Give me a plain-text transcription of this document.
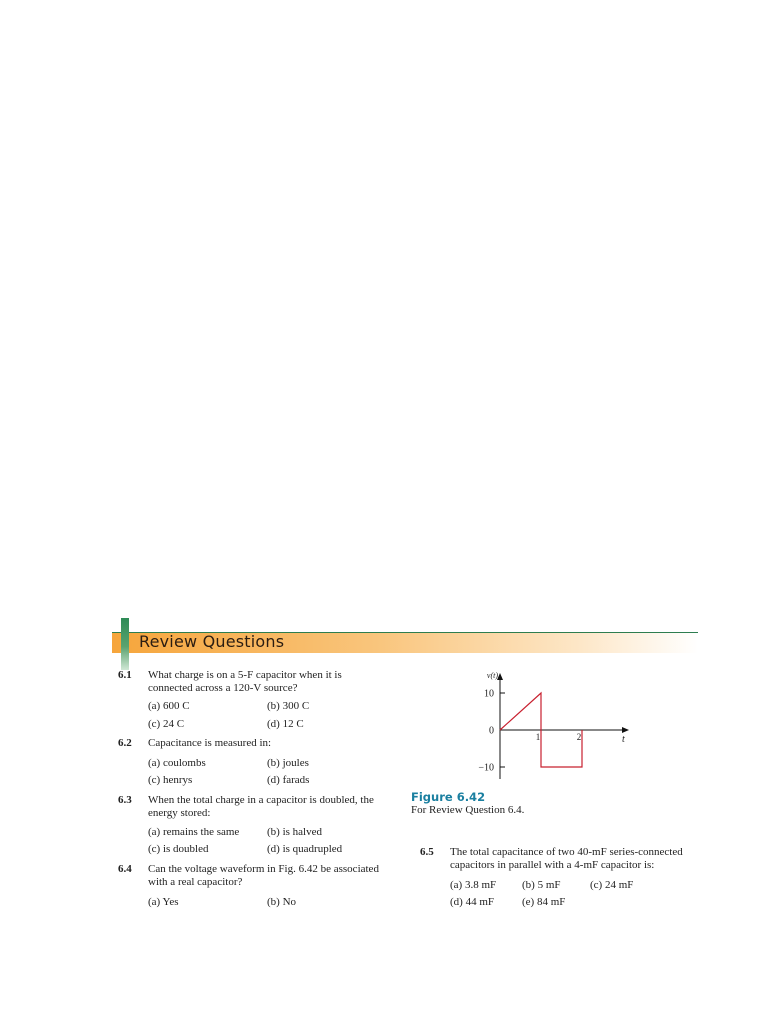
Review Questions
6.1 What charge is on a 5-F capacitor when it is
connected across a 120-V source?
(a) 600 C	(b) 300 C
(c) 24 C	(d) 12 C
6.2 Capacitance is measured in:
(a) coulombs	(b) joules
(c) henrys	(d) farads
6.3 When the total charge in a capacitor is doubled, the
energy stored:
(a) remains the same	(b) is halved
(c) is doubled	(d) is quadrupled
6.4 Can the voltage waveform in Fig. 6.42 be associated
with a real capacitor?
(a) Yes	(b) No
v(t)
t
10
0
−10
1	2
Figure 6.42
For Review Question 6.4.
6.5 The total capacitance of two 40-mF series-connected
capacitors in parallel with a 4-mF capacitor is:
(a) 3.8 mF (b) 5 mF	(c) 24 mF
(d) 44 mF	(e) 84 mF
